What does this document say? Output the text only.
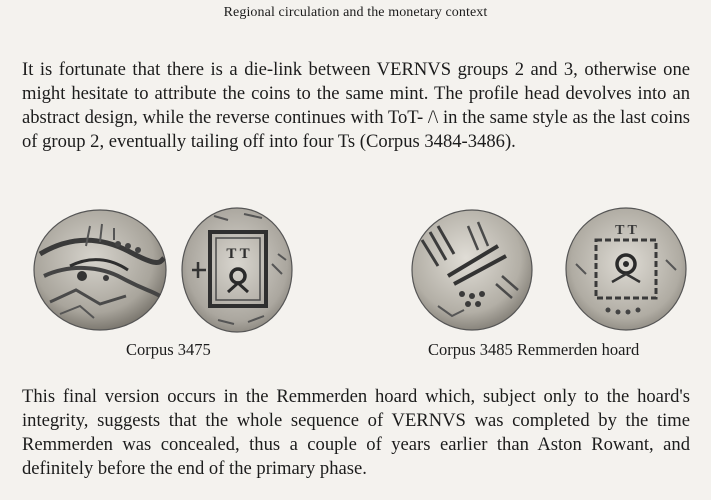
Regional circulation and the monetary context
It is fortunate that there is a die-link between VERNVS groups 2 and 3, otherwise one might hesitate to attribute the coins to the same mint. The profile head devolves into an abstract design, while the reverse continues with ToT- /\ in the same style as the last coins of group 2, eventually tailing off into four Ts (Corpus 3484-3486).
T T
Corpus 3475
T T
Corpus 3485 Remmerden hoard
This final version occurs in the Remmerden hoard which, subject only to the hoard's integrity, suggests that the whole sequence of VERNVS was completed by the time Remmerden was concealed, thus a couple of years earlier than Aston Rowant, and definitely before the end of the primary phase.
